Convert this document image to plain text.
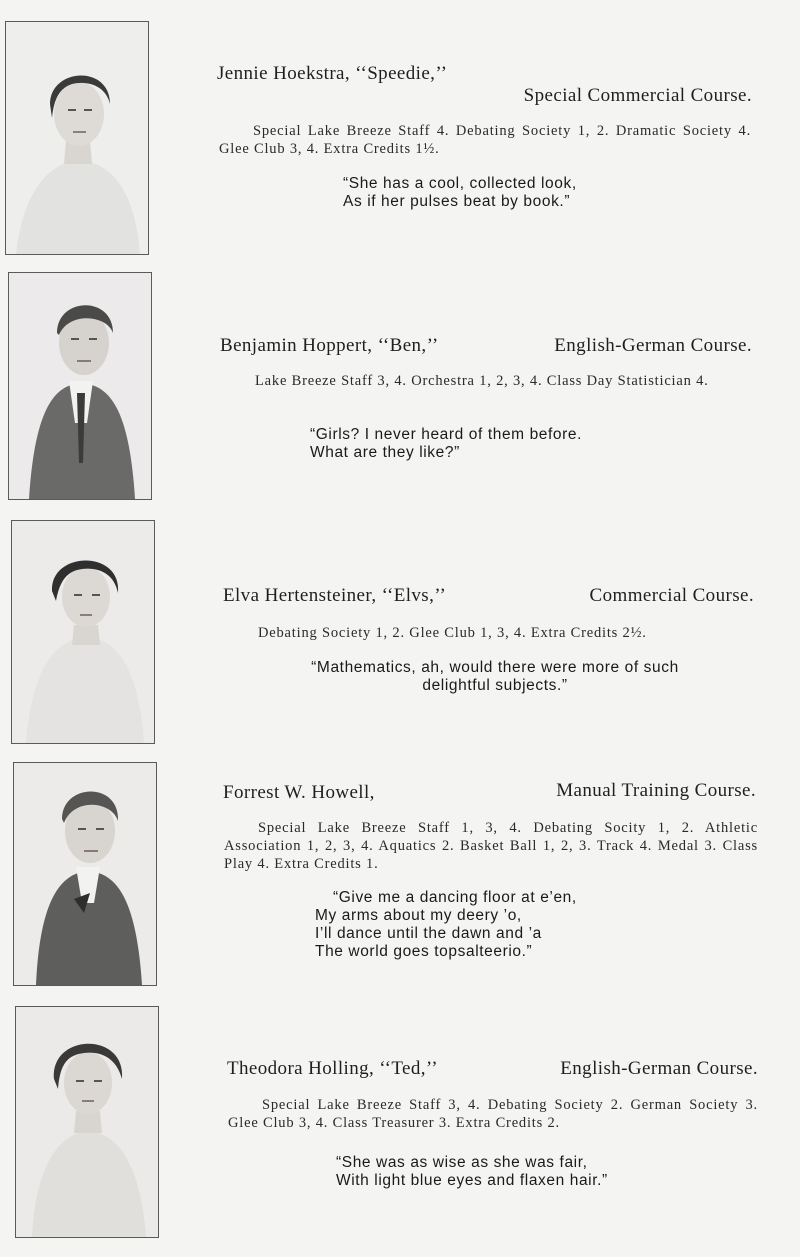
Jennie Hoekstra, ‘‘Speedie,’’
Special Commercial Course.
Special Lake Breeze Staff 4. Debating Society 1, 2. Dramatic Society 4. Glee Club 3, 4. Extra Credits 1½.
“She has a cool, collected look,
As if her pulses beat by book.”
Benjamin Hoppert, ‘‘Ben,’’	English-German Course.
Lake Breeze Staff 3, 4. Orchestra 1, 2, 3, 4. Class Day Statistician 4.
“Girls? I never heard of them before.
What are they like?”
Elva Hertensteiner, ‘‘Elvs,’’	Commercial Course.
Debating Society 1, 2. Glee Club 1, 3, 4. Extra Credits 2½.
“Mathematics, ah, would there were more of such
delightful subjects.”
Forrest W. Howell,	Manual Training Course.
Special Lake Breeze Staff 1, 3, 4. Debating Socity 1, 2. Athletic Association 1, 2, 3, 4. Aquatics 2. Basket Ball 1, 2, 3. Track 4. Medal 3. Class Play 4. Extra Credits 1.
“Give me a dancing floor at e’en,
My arms about my deery ’o,
I’ll dance until the dawn and ’a
The world goes topsalteerio.”
Theodora Holling, ‘‘Ted,’’	English-German Course.
Special Lake Breeze Staff 3, 4. Debating Society 2. German Society 3. Glee Club 3, 4. Class Treasurer 3. Extra Credits 2.
“She was as wise as she was fair,
With light blue eyes and flaxen hair.”
